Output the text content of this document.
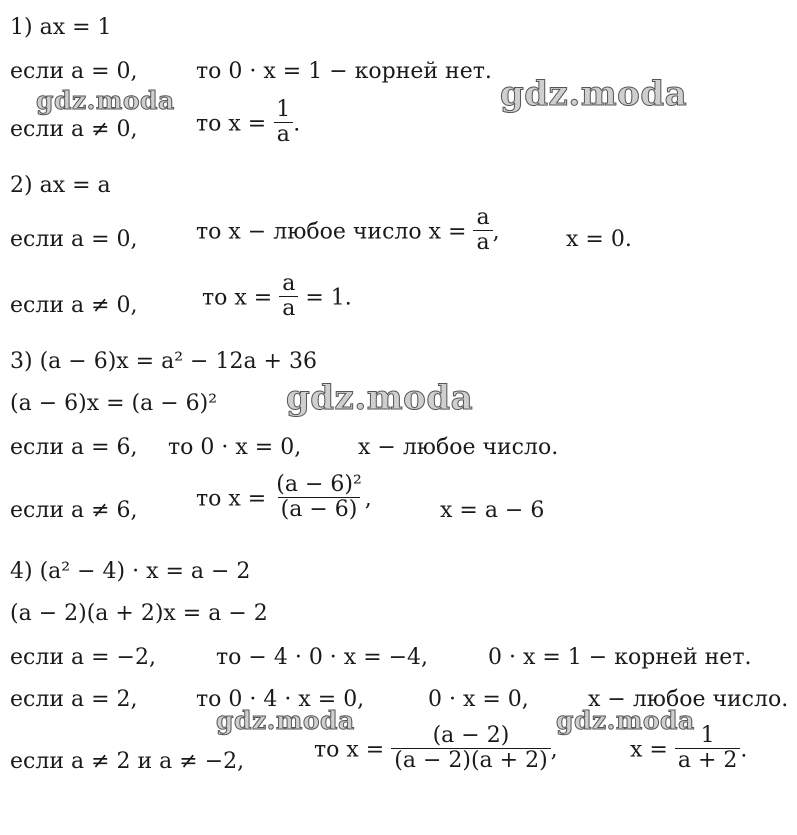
1) ax = 1
если a = 0,	то 0 · x = 1 − корней нет.
если a ≠ 0,	то $x = \frac{1}{a}$ .
2) ax = a
если a = 0,	то x − любое число $x = \frac{a}{a}$ ,	x = 0.
если a ≠ 0,	то $x = \frac{a}{a} = 1$.
3) (a − 6)x = a² − 12a + 36
(a − 6)x = (a − 6)²
если a = 6, то 0 · x = 0,	x − любое число.
если a ≠ 6,	то $x = \frac{\text{(a − 6)²}}{(a - 6)}$ ,	x = a − 6
4) (a² − 4) · x = a − 2
(a − 2)(a + 2)x = a − 2
если a = −2,	то − 4 · 0 · x = −4,	0 · x = 1 − корней нет.
если a = 2,	то 0 · 4 · x = 0,	0 · x = 0,	x − любое число.
если a ≠ 2 и a ≠ −2,	то $x = \frac{(a - 2)}{(a - 2)(a + 2)}$ ,	$x = \frac{1}{a + 2}$ .
gdz.moda	gdz.moda
gdz.moda
gdz.moda	gdz.moda
